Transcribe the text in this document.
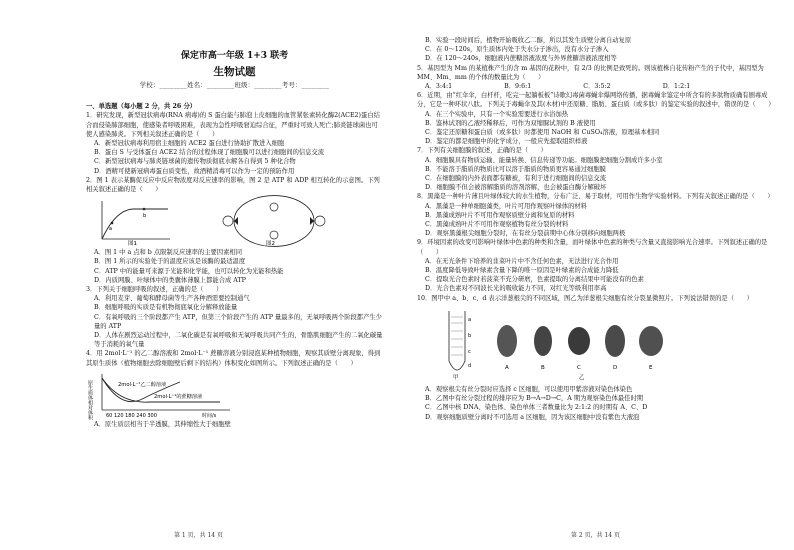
保定市高一年级 1+3 联考
生物试题
学校：________姓名：________班级：________考号：________
一、单选题（每小题 2 分，共 26 分）

1．研究发现，新型冠状病毒(RNA 病毒)的 S 蛋白能与肺泡上皮细胞的血管紧张素转化酶2(ACE2)蛋白结合而侵染肺部细胞，使感染者呼吸困难，表现为急性呼吸窘迫综合征，严重时可致人死亡;肺炎链球菌也可使人感染肺炎。下列相关叙述正确的是（　　）

A．新型冠状病毒利用宿主细胞的 ACE2 蛋白进行协助扩散进入细胞

B．蛋白 S 与受体蛋白 ACE2 结合的过程体现了细胞膜可以进行细胞间的信息交流

C．新型冠状病毒与肺炎链球菌的遗传物质彻底水解各自得到 5 种化合物

D．酒精可使新冠病毒蛋白质变性，故酒精消毒可以作为一定的预防作用

2．图 1 表示某酶促反应中反应物浓度对反应速率的影响，图 2 是 ATP 和 ADP 相互转化的示意图。下列相关叙述正确的是（　　）

a
b
图1	图2

A．图 1 中 a 点和 b 点限制反应速率的主要因素相同

B．图 1 所示的实验处于的温度应该是该酶的最适温度

C．ATP 中的能量可来源于光能和化学能，也可以转化为光能和热能

D．内质网膜、叶绿体中的类囊体薄膜上都能合成 ATP

3．下列关于细胞呼吸的叙述，正确的是（　　）

A．利用麦芽、葡萄和酵母菌等生产各种酒需要控制通气

B．细胞呼吸的实质是有机物彻底氧化分解释放能量

C．有氧呼吸的三个阶段都产生 ATP，但第三个阶段产生的 ATP 量最多的，无氧呼吸两个阶段都产生少量的 ATP

D．人体在剧烈运动过程中，二氧化碳是有氧呼吸和无氧呼吸共同产生的，骨骼肌细胞产生的二氧化碳量等于消耗的氧气量

4．用 2mol·L⁻¹ 的乙二醇溶液和 2mol·L⁻¹ 蔗糖溶液分别浸泡某种植物细胞，观察其质壁分离现象，得到其原生质体（植物细胞去除细胞壁后剩下的结构）体积变化如图所示。下列叙述正确的是（　　）

原生质体相对体积	2mol·L⁻¹乙二醇溶液
2mol·L⁻¹的蔗糖溶液
60 120 180 240 300	时间/s

A．原生质层相当于半透膜，其伸缩性大于细胞壁

第 1 页，共 14 页

B．实验一段时间后，植物开始吸收乙二醇，所以其发生质壁分离自动复原

C．在 0～120s，原生质体内处于失水分子渗出，没有水分子渗入

D．在 120～240s，细胞液内蔗糖溶液浓度与外界蔗糖溶液浓度相等

5．基因型为 Mm 的某植株产生的含 m 基因的花粉中，有 2/3 的比例是致死的。则该植株自花传粉产生的子代中，基因型为 MM、Mm、mm 的个体的数量比为（　　）

A．3:4:1	B．9:6:1	C．3:5:2	D．1:2:1

6．近期，由“红伞伞，白杆杆，吃完一起躺板板”诗歌幻毒菌毒蝇伞爆网络传播，据毒蝇伞鉴定中所含有的多肽物质确有剧毒成分，它是一种环状八肽。下列关于毒蝇伞及其(木材)中还原糖、脂肪、蛋白质（或多肽）的鉴定实验的叙述中，错误的是（　　）

A．在三个实验中，只有一个实验需要进行水浴加热

B．鉴林试剂的乙液经稀释后，可作为双缩脲试剂的 B 液使用

C．鉴定还原糖和蛋白质（或多肽）时都使用 NaOH 和 CuSO₄溶液，原理基本相同

D．鉴定的都是细胞中的化学成分，一般应先提取组织样液

7．下列有关细胞膜的叙述，正确的是（　　）

A．细胞膜具有物质运输、能量转换、信息传递等功能。细胞膜把细胞分割成许多小室

B．不能溶于脂质的物质比可以溶于脂质的物质更容易通过细胞膜

C．在细胞膜的内外表面都有糖被，有利于进行细胞间的信息交流

D．细胞膜不但会被溶解脂质的溶剂溶解，也会被蛋白酶分解破坏

8．黑藻是一种叶片薄且叶绿体较大的水生植物，分布广泛、易于取材，可用作生物学实验材料。下列有关叙述正确的是（　　）

A．黑藻是一种单细胞藻类，叶片可用作观察叶绿体的材料

B．黑藻成熟叶片不可用作观察质壁分离和复原的材料

C．黑藻成熟叶片不可用作观察植物有丝分裂的材料

D．观察黑藻根尖细胞分裂时，在有丝分裂前期中心体分别移向细胞两极

9．环境因素的改变可影响叶绿体中色素的种类和含量，而叶绿体中色素的种类与含量又直接影响光合速率。下列叙述正确的是（　　）

A．在无光条件下培养的韭菜叶片中不含任何色素，无法进行光合作用

B．温度降低导致叶绿素含量下降的唯一原因是叶绿素的合成能力降低

C．提取光合色素时若菠菜不充分研磨，色素提取的分离结果中可能没有的色素

D．光合色素对不同波长光的吸收能力不同，对红光等级利用率高

10．图甲中 a、b、c、d 表示洋葱根尖的不同区域，图乙为洋葱根尖细胞有丝分裂显微照片。下列说法错误的是（　　）

a
b
c
d
甲
A	B	C	D	E
乙

A．观察根尖有丝分裂时应选择 c 区细胞，可以使用甲紫溶液对染色体染色

B．乙图中有丝分裂过程的排序应为 B→A→D→C，A 期为观察染色体最佳时期

C．乙图中核 DNA、染色体、染色单体三者数量比为 2:1:2 的时期有 A、C、D

D．观察细胞质壁分离时不可选用 a 区细胞，因为该区细胞中没有紫色大液泡

第 2 页，共 14 页
